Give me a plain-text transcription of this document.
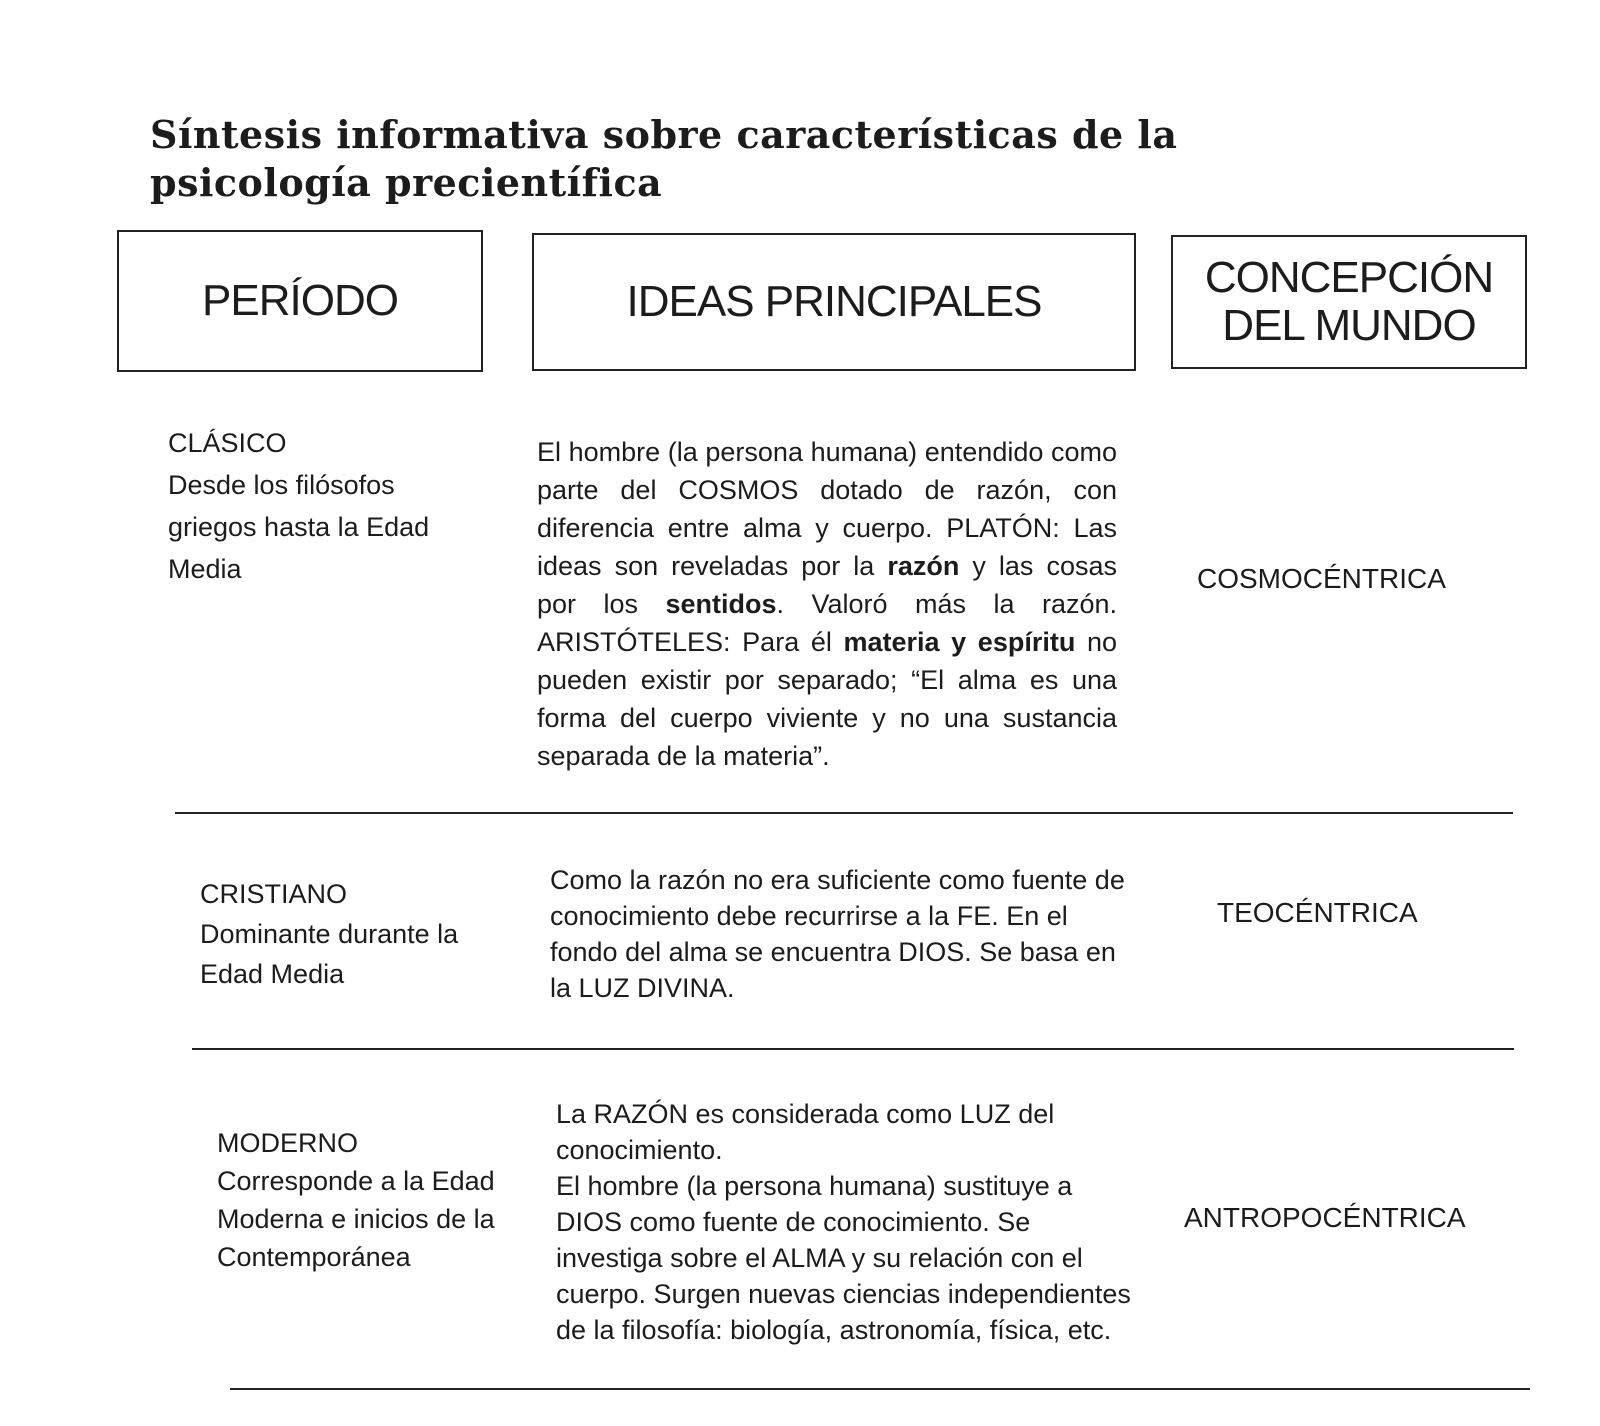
Síntesis informativa sobre características de la psicología precientífica
PERÍODO	IDEAS PRINCIPALES	CONCEPCIÓN DEL MUNDO
CLÁSICO
Desde los filósofos griegos hasta la Edad Media
El hombre (la persona humana) entendido como parte del COSMOS dotado de razón, con diferencia entre alma y cuerpo. PLATÓN: Las ideas son reveladas por la razón y las cosas por los sentidos. Valoró más la razón. ARISTÓTELES: Para él materia y espíritu no pueden existir por separado; “El alma es una forma del cuerpo viviente y no una sustancia separada de la materia”.
COSMOCÉNTRICA
CRISTIANO
Dominante durante la Edad Media
Como la razón no era suficiente como fuente de conocimiento debe recurrirse a la FE. En el fondo del alma se encuentra DIOS. Se basa en la LUZ DIVINA.
TEOCÉNTRICA
MODERNO
Corresponde a la Edad Moderna e inicios de la Contemporánea
La RAZÓN es considerada como LUZ del conocimiento.
El hombre (la persona humana) sustituye a DIOS como fuente de conocimiento. Se investiga sobre el ALMA y su relación con el cuerpo. Surgen nuevas ciencias independientes de la filosofía: biología, astronomía, física, etc.
ANTROPOCÉNTRICA
